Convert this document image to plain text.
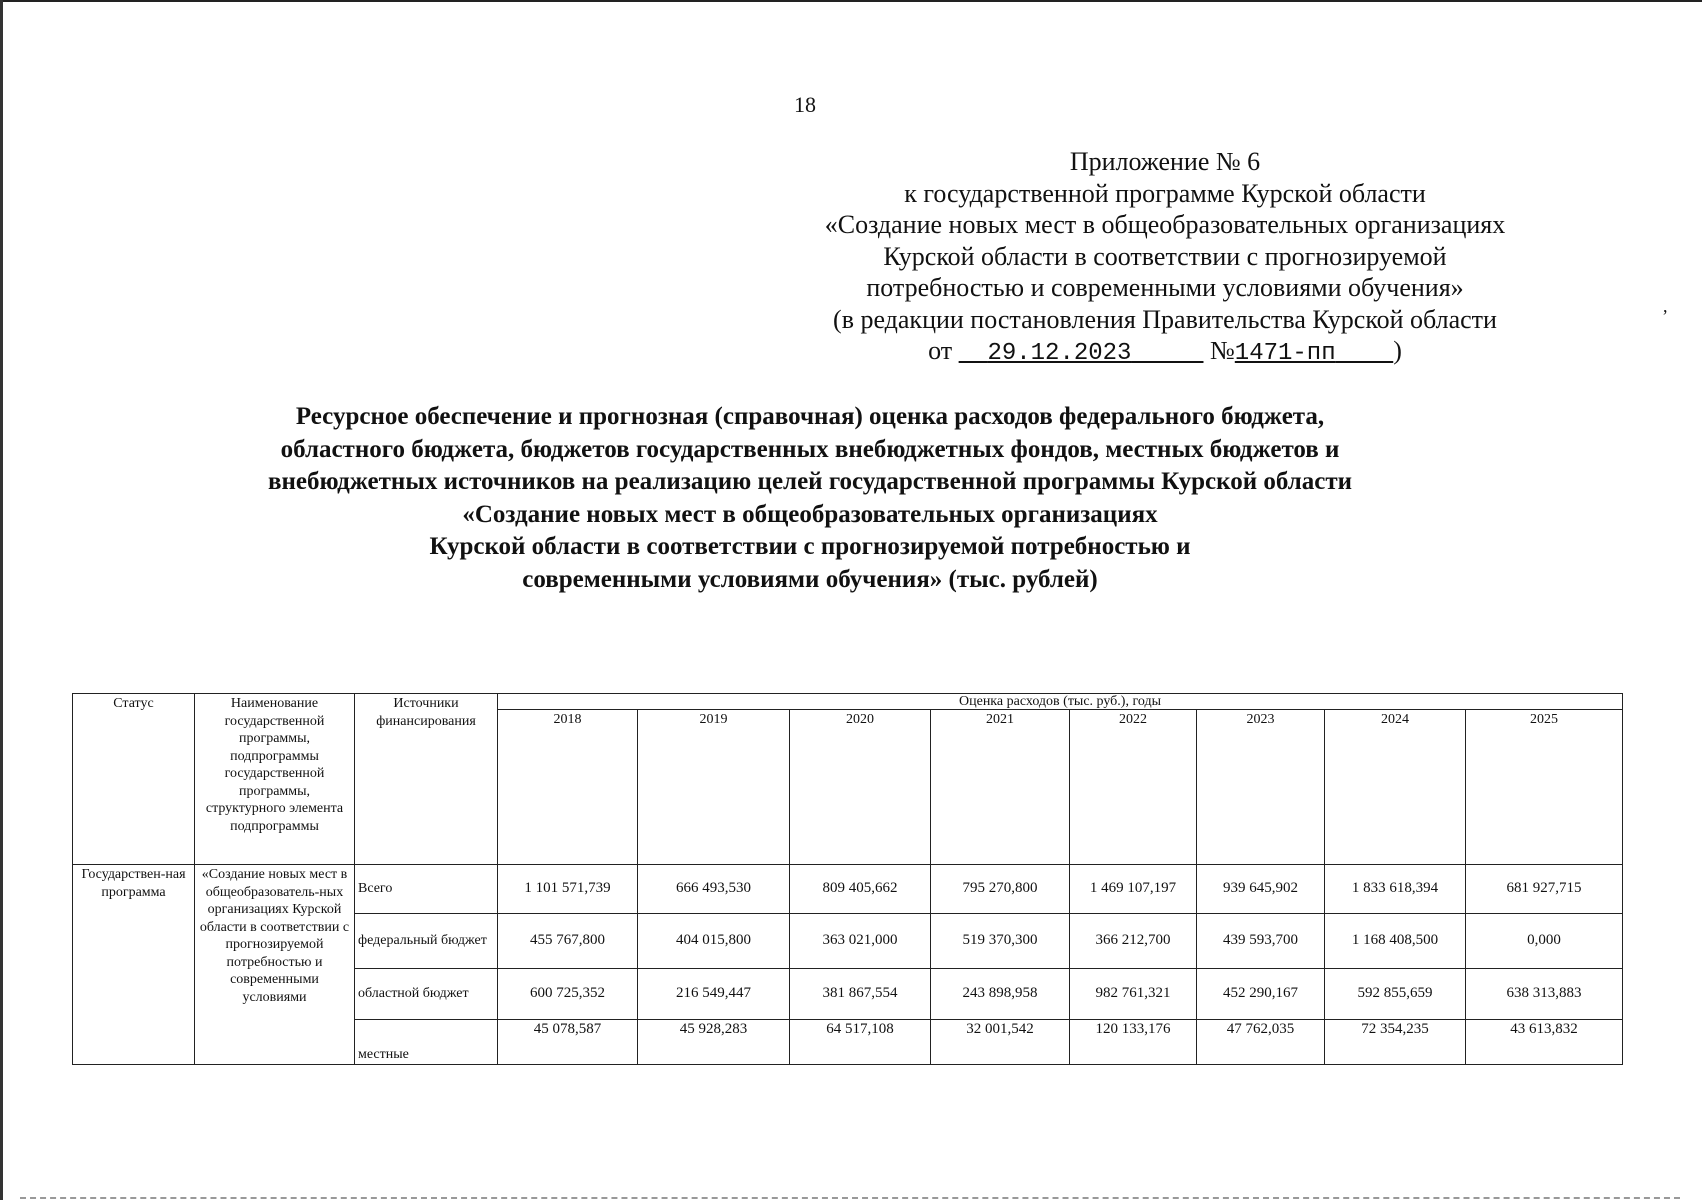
18
Приложение № 6
к государственной программе Курской области
«Создание новых мест в общеобразовательных организациях
Курской области в соответствии с прогнозируемой
потребностью и современными условиями обучения»
(в редакции постановления Правительства Курской области
от 29.12.2023	№1471-пп )
,
Ресурсное обеспечение и прогнозная (справочная) оценка расходов федерального бюджета,
областного бюджета, бюджетов государственных внебюджетных фондов, местных бюджетов и
внебюджетных источников на реализацию целей государственной программы Курской области
«Создание новых мест в общеобразовательных организациях
Курской области в соответствии с прогнозируемой потребностью и
современными условиями обучения» (тыс. рублей)
Статус	Наименование государственной программы, подпрограммы государственной программы, структурного элемента подпрограммы	Источники финансирования	Оценка расходов (тыс. руб.), годы							
			2018	2019	2020	2021	2022	2023	2024	2025
Государствен-ная программа	«Создание новых мест в общеобразователь-ных организациях Курской области в соответствии с прогнозируемой потребностью и современными условиями	Всего	1 101 571,739	666 493,530	809 405,662	795 270,800	1 469 107,197	939 645,902	1 833 618,394	681 927,715
		федеральный бюджет	455 767,800	404 015,800	363 021,000	519 370,300	366 212,700	439 593,700	1 168 408,500	0,000
		областной бюджет	600 725,352	216 549,447	381 867,554	243 898,958	982 761,321	452 290,167	592 855,659	638 313,883
		местные	45 078,587	45 928,283	64 517,108	32 001,542	120 133,176	47 762,035	72 354,235	43 613,832
